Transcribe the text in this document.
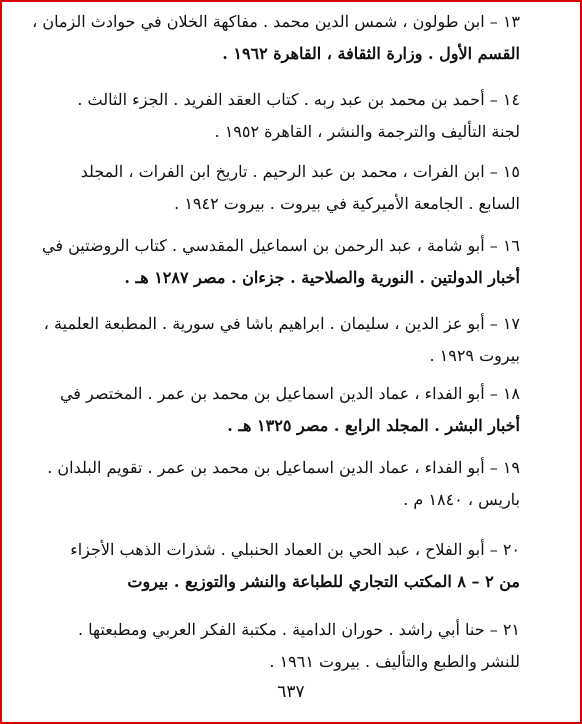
١٣ – ابن طولون ، شمس الدين محمد . مفاكهة الخلان في حوادث الزمان ،
القسم الأول . وزارة الثقافة ، القاهرة ١٩٦٢ .
١٤ – أحمد بن محمد بن عبد ربه . كتاب العقد الفريد . الجزء الثالث .
لجنة التأليف والترجمة والنشر ، القاهرة ١٩٥٢ .
١٥ – ابن الفرات ، محمد بن عبد الرحيم . تاريخ ابن الفرات ، المجلد
السابع . الجامعة الأميركية في بيروت . بيروت ١٩٤٢ .
١٦ – أبو شامة ، عبد الرحمن بن اسماعيل المقدسي . كتاب الروضتين في
أخبار الدولتين . النورية والصلاحية . جزءان . مصر ١٢٨٧ هـ .
١٧ – أبو عز الدين ، سليمان . ابراهيم باشا في سورية . المطبعة العلمية ،
بيروت ١٩٢٩ .
١٨ – أبو الفداء ، عماد الدين اسماعيل بن محمد بن عمر . المختصر في
أخبار البشر . المجلد الرابع . مصر ١٣٢٥ هـ .
١٩ – أبو الفداء ، عماد الدين اسماعيل بن محمد بن عمر . تقويم البلدان .
باريس ، ١٨٤٠ م .
٢٠ – أبو الفلاح ، عبد الحي بن العماد الحنبلي . شذرات الذهب الأجزاء
من ٢ – ٨ المكتب التجاري للطباعة والنشر والتوزيع . بيروت
٢١ – حنا أبي راشد . حوران الدامية . مكتبة الفكر العربي ومطبعتها .
للنشر والطبع والتأليف . بيروت ١٩٦١ .
٦٣٧
